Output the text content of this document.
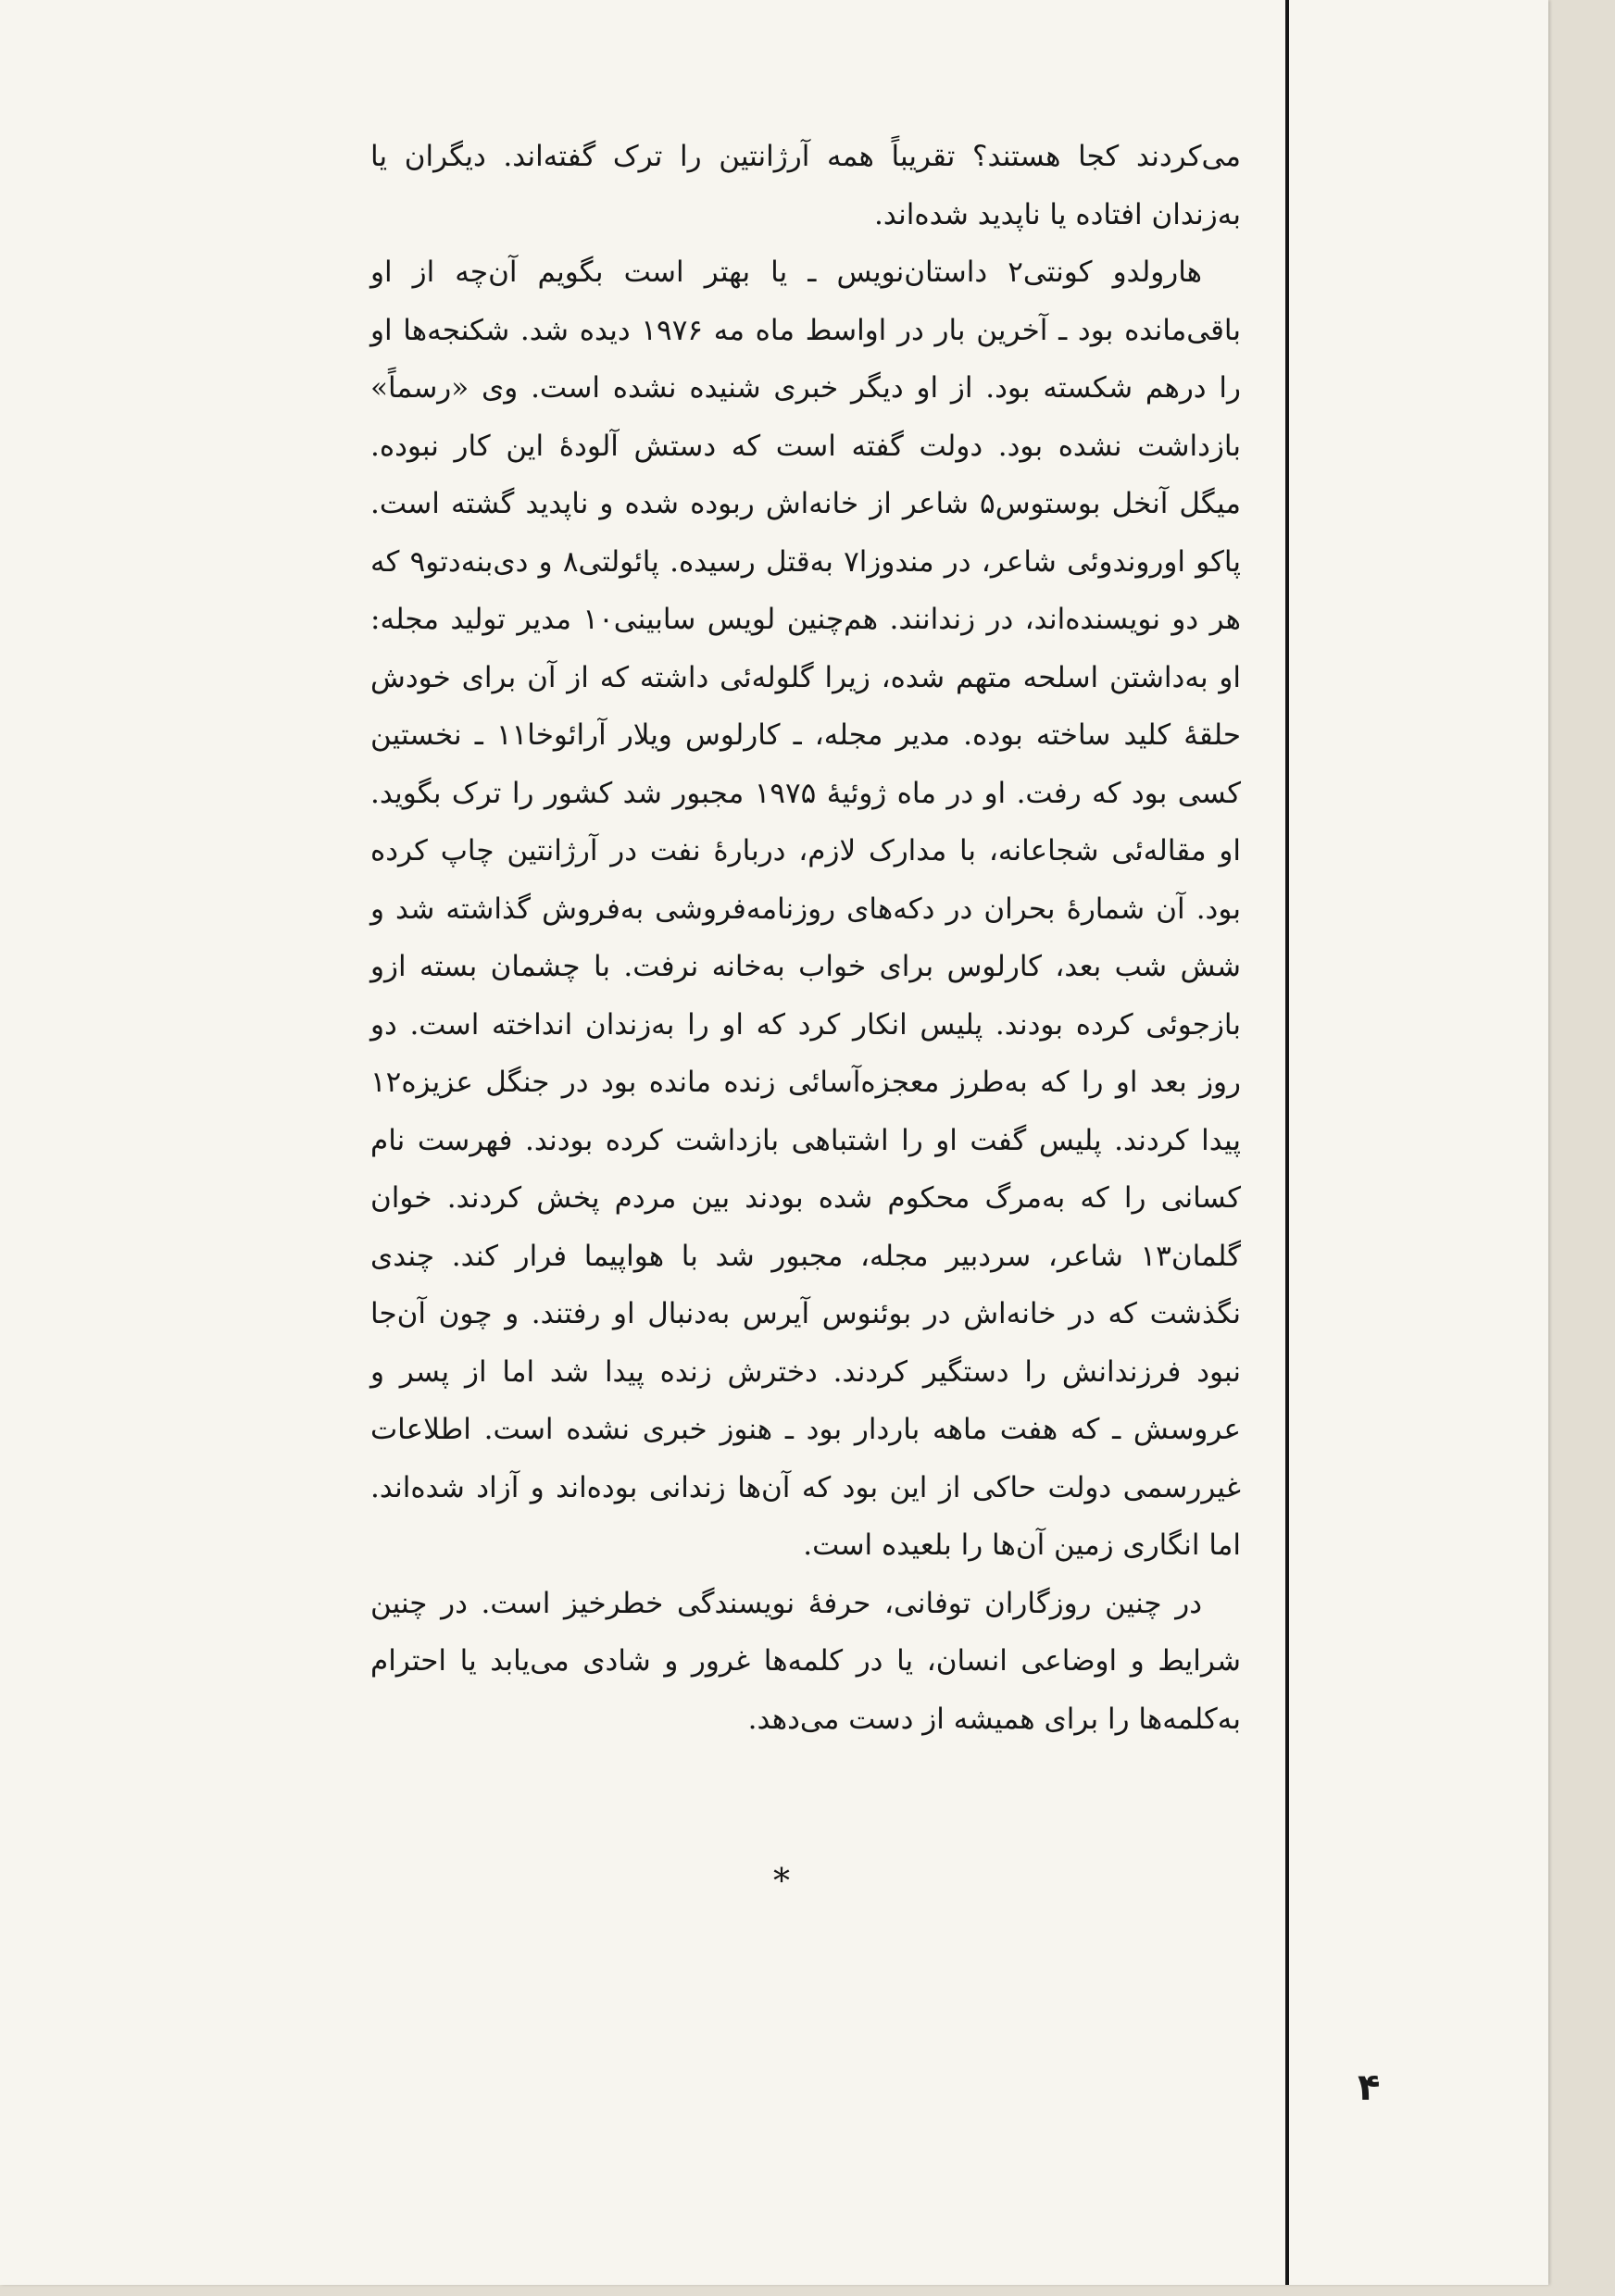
می‌کردند کجا هستند؟ تقریباً همه آرژانتین را ترک گفته‌اند. دیگران یا به‌زندان افتاده یا ناپدید شده‌اند.

هارولدو کونتی۲ داستان‌نویس ـ یا بهتر است بگویم آن‌چه از او باقی‌مانده بود ـ آخرین بار در اواسط ماه مه ۱۹۷۶ دیده شد. شکنجه‌ها او را درهم شکسته بود. از او دیگر خبری شنیده نشده است. وی «رسماً» بازداشت نشده بود. دولت گفته است که دستش آلودهٔ این کار نبوده. میگل آنخل بوستوس۵ شاعر از خانه‌اش ربوده شده و ناپدید گشته است. پاکو اوروندوئی شاعر، در مندوزا۷ به‌قتل رسیده. پائولتی۸ و دی‌بنه‌دتو۹ که هر دو نویسنده‌اند، در زندانند. هم‌چنین لویس سابینی۱۰ مدیر تولید مجله: او به‌داشتن اسلحه متهم شده، زیرا گلوله‌ئی داشته که از آن برای خودش حلقهٔ کلید ساخته بوده. مدیر مجله، ـ کارلوس ویلار آرائوخا۱۱ ـ نخستین کسی بود که رفت. او در ماه ژوئیهٔ ۱۹۷۵ مجبور شد کشور را ترک بگوید. او مقاله‌ئی شجاعانه، با مدارک لازم، دربارهٔ نفت در آرژانتین چاپ کرده بود. آن شمارهٔ بحران در دکه‌های روزنامه‌فروشی به‌فروش گذاشته شد و شش شب بعد، کارلوس برای خواب به‌خانه نرفت. با چشمان بسته ازو بازجوئی کرده بودند. پلیس انکار کرد که او را به‌زندان انداخته است. دو روز بعد او را که به‌طرز معجزه‌آسائی زنده مانده بود در جنگل عزیزه۱۲ پیدا کردند. پلیس گفت او را اشتباهی بازداشت کرده بودند. فهرست نام کسانی را که به‌مرگ محکوم شده بودند بین مردم پخش کردند. خوان گلمان۱۳ شاعر، سردبیر مجله، مجبور شد با هواپیما فرار کند. چندی نگذشت که در خانه‌اش در بوئنوس آیرس به‌دنبال او رفتند. و چون آن‌جا نبود فرزندانش را دستگیر کردند. دخترش زنده پیدا شد اما از پسر و عروسش ـ که هفت ماهه باردار بود ـ هنوز خبری نشده است. اطلاعات غیررسمی دولت حاکی از این بود که آن‌ها زندانی بوده‌اند و آزاد شده‌اند. اما انگاری زمین آن‌ها را بلعیده است.

در چنین روزگاران توفانی، حرفهٔ نویسندگی خطرخیز است. در چنین شرایط و اوضاعی انسان، یا در کلمه‌ها غرور و شادی می‌یابد یا احترام به‌کلمه‌ها را برای همیشه از دست می‌دهد.

*
۴
